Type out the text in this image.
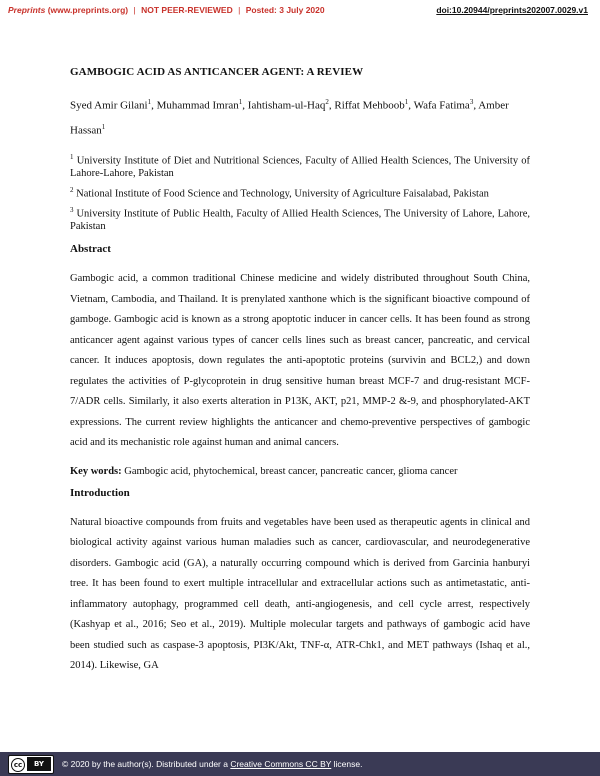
Preprints (www.preprints.org) | NOT PEER-REVIEWED | Posted: 3 July 2020	doi:10.20944/preprints202007.0029.v1
GAMBOGIC ACID AS ANTICANCER AGENT: A REVIEW
Syed Amir Gilani$^1$, Muhammad Imran$^1$, Iahtisham-ul-Haq$^2$, Riffat Mehboob$^1$, Wafa Fatima$^3$, Amber Hassan$^1$

$^1$ University Institute of Diet and Nutritional Sciences, Faculty of Allied Health Sciences, The University of Lahore-Lahore, Pakistan

$^2$ National Institute of Food Science and Technology, University of Agriculture Faisalabad, Pakistan

$^3$ University Institute of Public Health, Faculty of Allied Health Sciences, The University of Lahore, Lahore, Pakistan

Abstract

Gambogic acid, a common traditional Chinese medicine and widely distributed throughout South China, Vietnam, Cambodia, and Thailand. It is prenylated xanthone which is the significant bioactive compound of gamboge. Gambogic acid is known as a strong apoptotic inducer in cancer cells. It has been found as strong anticancer agent against various types of cancer cells lines such as breast cancer, pancreatic, and cervical cancer. It induces apoptosis, down regulates the anti-apoptotic proteins (survivin and BCL2,) and down regulates the activities of P-glycoprotein in drug sensitive human breast MCF-7 and drug-resistant MCF-7/ADR cells. Similarly, it also exerts alteration in P13K, AKT, p21, MMP-2 &-9, and phosphorylated-AKT expressions. The current review highlights the anticancer and chemo-preventive perspectives of gambogic acid and its mechanistic role against human and animal cancers.

Key words: Gambogic acid, phytochemical, breast cancer, pancreatic cancer, glioma cancer
Introduction

Natural bioactive compounds from fruits and vegetables have been used as therapeutic agents in clinical and biological activity against various human maladies such as cancer, cardiovascular, and neurodegenerative disorders. Gambogic acid (GA), a naturally occurring compound which is derived from Garcinia hanburyi tree. It has been found to exert multiple intracellular and extracellular actions such as antimetastatic, anti-inflammatory autophagy, programmed cell death, anti-angiogenesis, and cell cycle arrest, respectively (Kashyap et al., 2016; Seo et al., 2019). Multiple molecular targets and pathways of gambogic acid have been studied such as caspase-3 apoptosis, PI3K/Akt, TNF-α, ATR-Chk1, and MET pathways (Ishaq et al., 2014). Likewise, GA

cc	BY	© 2020 by the author(s). Distributed under a Creative Commons CC BY license.
